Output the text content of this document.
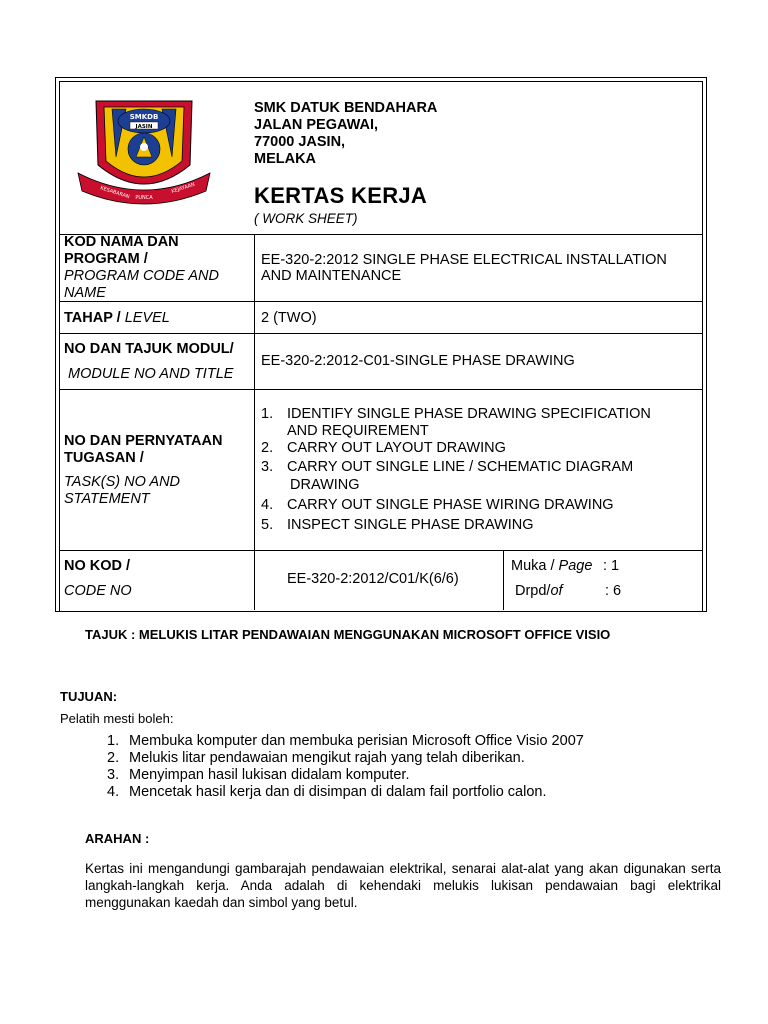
SMKDB
JASIN
KESABARAN PUNCA
KEJAYAAN
SMK DATUK BENDAHARA
JALAN PEGAWAI,
77000 JASIN,
MELAKA
KERTAS KERJA
( WORK SHEET)
KOD NAMA DAN PROGRAM /
PROGRAM CODE AND NAME
EE-320-2:2012 SINGLE PHASE ELECTRICAL INSTALLATION
AND MAINTENANCE
TAHAP / LEVEL	2 (TWO)
NO DAN TAJUK MODUL/
MODULE NO AND TITLE
EE-320-2:2012-C01-SINGLE PHASE DRAWING
NO DAN PERNYATAAN
TUGASAN /
TASK(S) NO AND
STATEMENT
1. IDENTIFY SINGLE PHASE DRAWING SPECIFICATION
AND REQUIREMENT
2. CARRY OUT LAYOUT DRAWING
3. CARRY OUT SINGLE LINE / SCHEMATIC DIAGRAM
DRAWING
4. CARRY OUT SINGLE PHASE WIRING DRAWING
5. INSPECT SINGLE PHASE DRAWING
NO KOD /
CODE NO
EE-320-2:2012/C01/K(6/6)
Muka / Page : 1
Drpd/of	: 6
TAJUK : MELUKIS LITAR PENDAWAIAN MENGGUNAKAN MICROSOFT OFFICE VISIO
TUJUAN:
Pelatih mesti boleh:
1. Membuka komputer dan membuka perisian Microsoft Office Visio 2007
2. Melukis litar pendawaian mengikut rajah yang telah diberikan.
3. Menyimpan hasil lukisan didalam komputer.
4. Mencetak hasil kerja dan di disimpan di dalam fail portfolio calon.
ARAHAN :
Kertas ini mengandungi gambarajah pendawaian elektrikal, senarai alat-alat yang akan digunakan serta langkah-langkah kerja. Anda adalah di kehendaki melukis lukisan pendawaian bagi elektrikal menggunakan kaedah dan simbol yang betul.
